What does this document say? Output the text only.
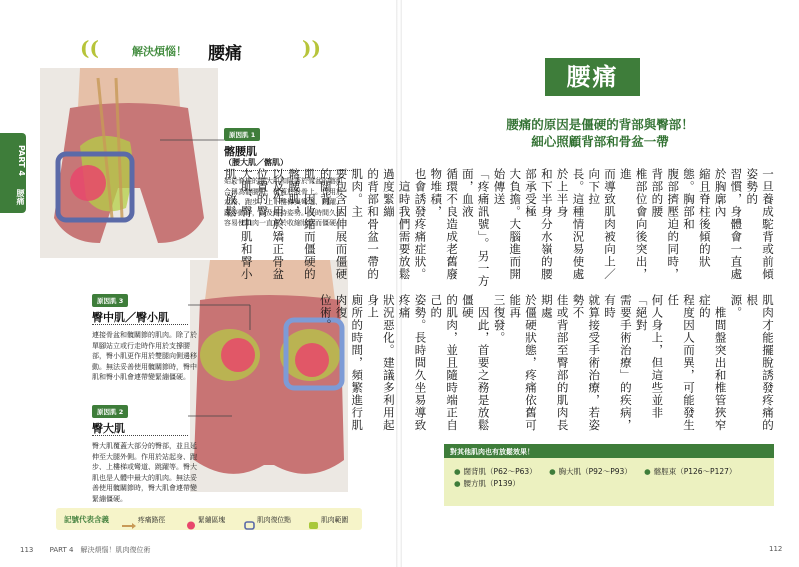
((	解決煩惱！ 腰痛	))
PART 4
腰痛
原因肌 1
髂腰肌
（腰大肌／髂肌）
始於脊椎的腰大肌和附著於骨盆的髂肌
合稱為髂腰肌，覆蓋於股骨上。作用於
走路、跑步、上下樓梯與彎道、跳躍、
踢等動作，以及維持姿勢。長時間久坐
容易使肌肉一直處於收縮狀態而僵硬。
原因肌 3
臀中肌／臀小肌
連接骨盆和髖關節的肌肉。除了於
單腳站立或行走時作用於支撐腰
部，臀小肌更作用於雙腿向側邊移
動。無法妥善使用髖關節時，臀中
肌和臀小肌會連帶變緊繃僵硬。
原因肌 2
臀大肌
臀大肌覆蓋大部分的臀部，並且延
伸至大腿外側。作用於站起身、跑
步、上樓梯或彎道、跳躍等。臀大
肌也是人體中最大的肌肉。無法妥
善使用髖關節時，臀大肌會連帶變
緊繃僵硬。
記號代表含義	疼痛路徑	緊繃區塊	肌肉復位點	肌肉範圍
113 PART 4　解決煩惱！肌肉復位術
腰痛
腰痛的原因是僵硬的背部與臀部！
細心照顧背部和骨盆一帶
一旦養成駝背或前傾姿勢的
習慣，身體會一直處於胸廓內
縮且脊柱後傾的狀態。胸部和
腹部擠壓迫的同時，背部的腰
椎部位會向後突出，進
而導致肌肉被向上／向下拉
長。這種情況易使處於上半身
和下半身分水嶺的腰部承受極
大負擔。大腦進而開始傳送
「疼痛訊號」。另一方面，血液
循環不良造成老舊廢物堆積，
也會誘發疼痛症狀。
　這時我們需要放鬆過度緊繃
的背部和骨盆一帶的肌肉。主
要包含因伸展而僵硬的闊背
肌、因收縮而僵硬的髂腰肌，
以及作用於矯正骨盆位置的臀
大肌、臀中肌和臀小肌。放鬆
肌肉才能擺脫誘發疼痛的根
源。
　椎間盤突出和椎管狹窄症的
程度因人而異，可能發生任
何人身上，但這些並非「絕對
需要手術治療」的疾病，有時
就算接受手術治療，若姿勢不
佳或背部至臀部的肌肉長期處
於僵硬狀態，疼痛依舊可能再
三復發。
　因此，首要之務是放鬆僵硬
的肌肉，並且隨時端正自己的
姿勢。長時間久坐易導致疼痛
狀況惡化。建議多利用起身上
廁所的時間，頻繁進行肌肉復
位術。
對其他肌肉也有放鬆效果！
● 闊背肌（P62〜P63） ● 胸大肌（P92〜P93） ● 髂脛束（P126〜P127）
● 腰方肌（P139）
112
